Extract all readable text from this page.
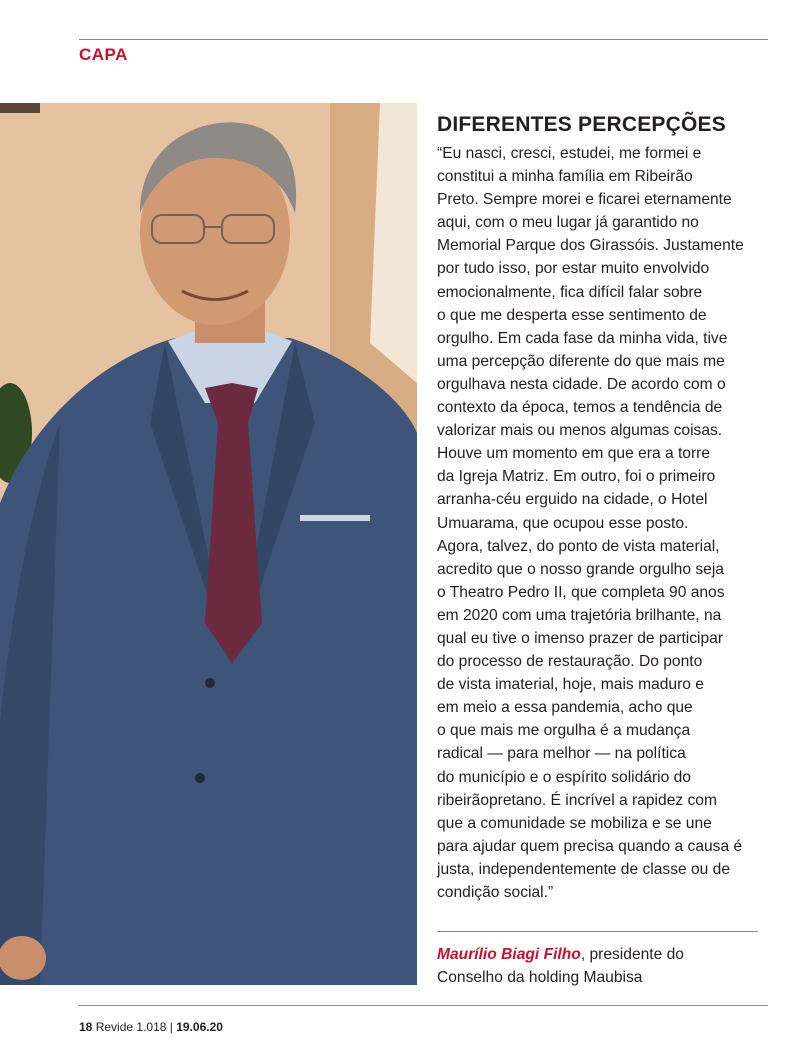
CAPA
DIFERENTES PERCEPÇÕES
“Eu nasci, cresci, estudei, me formei e
constitui a minha família em Ribeirão
Preto. Sempre morei e ficarei eternamente
aqui, com o meu lugar já garantido no
Memorial Parque dos Girassóis. Justamente
por tudo isso, por estar muito envolvido
emocionalmente, fica difícil falar sobre
o que me desperta esse sentimento de
orgulho. Em cada fase da minha vida, tive
uma percepção diferente do que mais me
orgulhava nesta cidade. De acordo com o
contexto da época, temos a tendência de
valorizar mais ou menos algumas coisas.
Houve um momento em que era a torre
da Igreja Matriz. Em outro, foi o primeiro
arranha-céu erguido na cidade, o Hotel
Umuarama, que ocupou esse posto.
Agora, talvez, do ponto de vista material,
acredito que o nosso grande orgulho seja
o Theatro Pedro II, que completa 90 anos
em 2020 com uma trajetória brilhante, na
qual eu tive o imenso prazer de participar
do processo de restauração. Do ponto
de vista imaterial, hoje, mais maduro e
em meio a essa pandemia, acho que
o que mais me orgulha é a mudança
radical — para melhor — na política
do município e o espírito solidário do
ribeirãopretano. É incrível a rapidez com
que a comunidade se mobiliza e se une
para ajudar quem precisa quando a causa é
justa, independentemente de classe ou de
condição social.”
Maurílio Biagi Filho, presidente do
Conselho da holding Maubisa
18 Revide 1.018 | 19.06.20
